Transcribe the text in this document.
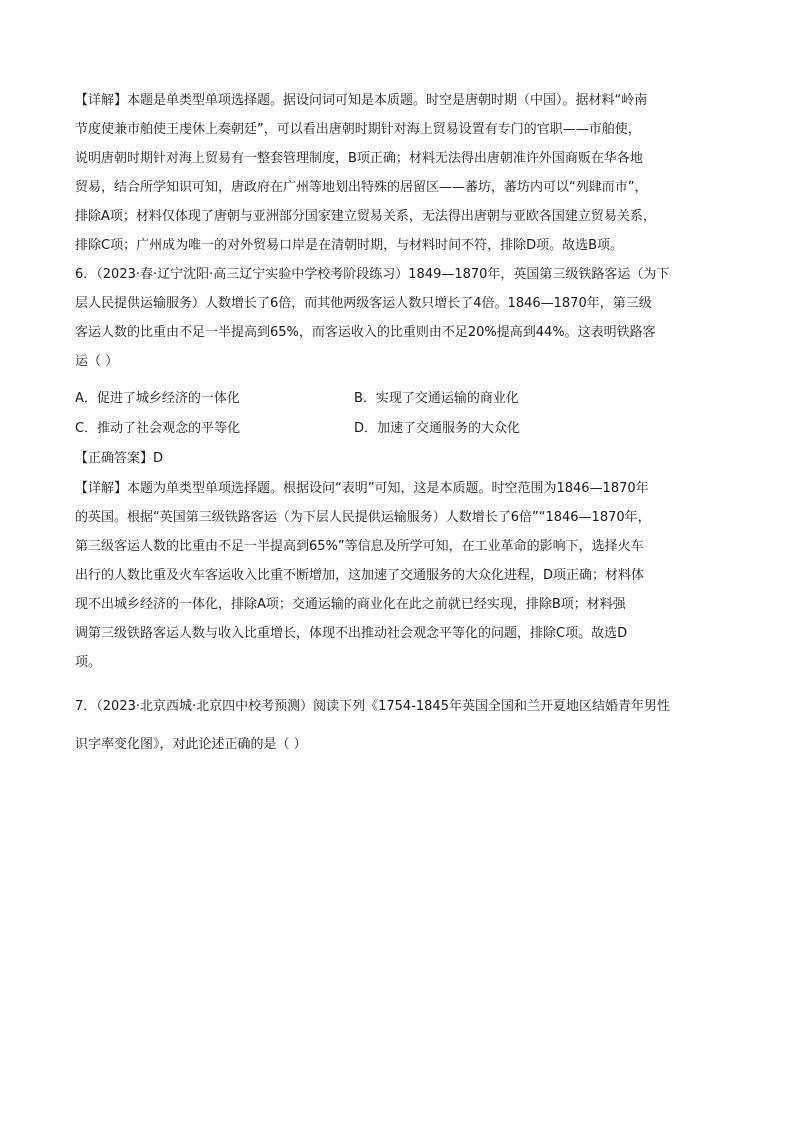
【详解】本题是单类型单项选择题。据设问词可知是本质题。时空是唐朝时期（中国）。据材料“岭南
节度使兼市舶使王虔休上奏朝廷”，可以看出唐朝时期针对海上贸易设置有专门的官职——市舶使，
说明唐朝时期针对海上贸易有一整套管理制度，B项正确；材料无法得出唐朝准许外国商贩在华各地
贸易，结合所学知识可知，唐政府在广州等地划出特殊的居留区——蕃坊，蕃坊内可以“列肆而市”，
排除A项；材料仅体现了唐朝与亚洲部分国家建立贸易关系，无法得出唐朝与亚欧各国建立贸易关系，
排除C项；广州成为唯一的对外贸易口岸是在清朝时期，与材料时间不符，排除D项。故选B项。
6．（2023·春·辽宁沈阳·高三辽宁实验中学校考阶段练习）1849—1870年，英国第三级铁路客运（为下
层人民提供运输服务）人数增长了6倍，而其他两级客运人数只增长了4倍。1846—1870年，第三级
客运人数的比重由不足一半提高到65%，而客运收入的比重则由不足20%提高到44%。这表明铁路客
运（ ）
A．促进了城乡经济的一体化	B．实现了交通运输的商业化
C．推动了社会观念的平等化	D．加速了交通服务的大众化
【正确答案】D
【详解】本题为单类型单项选择题。根据设问“表明”可知，这是本质题。时空范围为1846—1870年
的英国。根据“英国第三级铁路客运（为下层人民提供运输服务）人数增长了6倍”“1846—1870年，
第三级客运人数的比重由不足一半提高到65%”等信息及所学可知，在工业革命的影响下，选择火车
出行的人数比重及火车客运收入比重不断增加，这加速了交通服务的大众化进程，D项正确；材料体
现不出城乡经济的一体化，排除A项；交通运输的商业化在此之前就已经实现，排除B项；材料强
调第三级铁路客运人数与收入比重增长，体现不出推动社会观念平等化的问题，排除C项。故选D
项。
7．（2023·北京西城·北京四中校考预测）阅读下列《1754-1845年英国全国和兰开夏地区结婚青年男性
识字率变化图》，对此论述正确的是（ ）
